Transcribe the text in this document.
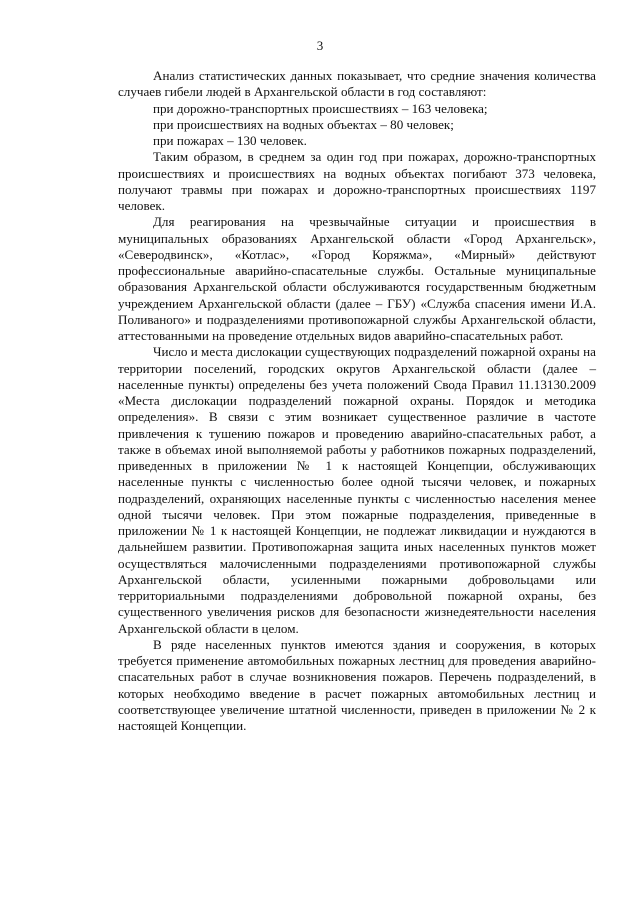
3

Анализ статистических данных показывает, что средние значения количества случаев гибели людей в Архангельской области в год составляют:

при дорожно-транспортных происшествиях – 163 человека;

при происшествиях на водных объектах – 80 человек;

при пожарах – 130 человек.

Таким образом, в среднем за один год при пожарах, дорожно-транспортных происшествиях и происшествиях на водных объектах погибают 373 человека, получают травмы при пожарах и дорожно-транспортных происшествиях 1197 человек.

Для реагирования на чрезвычайные ситуации и происшествия в муниципальных образованиях Архангельской области «Город Архангельск», «Северодвинск», «Котлас», «Город Коряжма», «Мирный» действуют профессиональные аварийно-спасательные службы. Остальные муниципальные образования Архангельской области обслуживаются государственным бюджетным учреждением Архангельской области (далее – ГБУ) «Служба спасения имени И.А. Поливаного» и подразделениями противопожарной службы Архангельской области, аттестованными на проведение отдельных видов аварийно-спасательных работ.

Число и места дислокации существующих подразделений пожарной охраны на территории поселений, городских округов Архангельской области (далее – населенные пункты) определены без учета положений Свода Правил 11.13130.2009 «Места дислокации подразделений пожарной охраны. Порядок и методика определения». В связи с этим возникает существенное различие в частоте привлечения к тушению пожаров и проведению аварийно-спасательных работ, а также в объемах иной выполняемой работы у работников пожарных подразделений, приведенных в приложении № 1 к настоящей Концепции, обслуживающих населенные пункты с численностью более одной тысячи человек, и пожарных подразделений, охраняющих населенные пункты с численностью населения менее одной тысячи человек. При этом пожарные подразделения, приведенные в приложении № 1 к настоящей Концепции, не подлежат ликвидации и нуждаются в дальнейшем развитии. Противопожарная защита иных населенных пунктов может осуществляться малочисленными подразделениями противопожарной службы Архангельской области, усиленными пожарными добровольцами или территориальными подразделениями добровольной пожарной охраны, без существенного увеличения рисков для безопасности жизнедеятельности населения Архангельской области в целом.

В ряде населенных пунктов имеются здания и сооружения, в которых требуется применение автомобильных пожарных лестниц для проведения аварийно-спасательных работ в случае возникновения пожаров. Перечень подразделений, в которых необходимо введение в расчет пожарных автомобильных лестниц и соответствующее увеличение штатной численности, приведен в приложении № 2 к настоящей Концепции.
